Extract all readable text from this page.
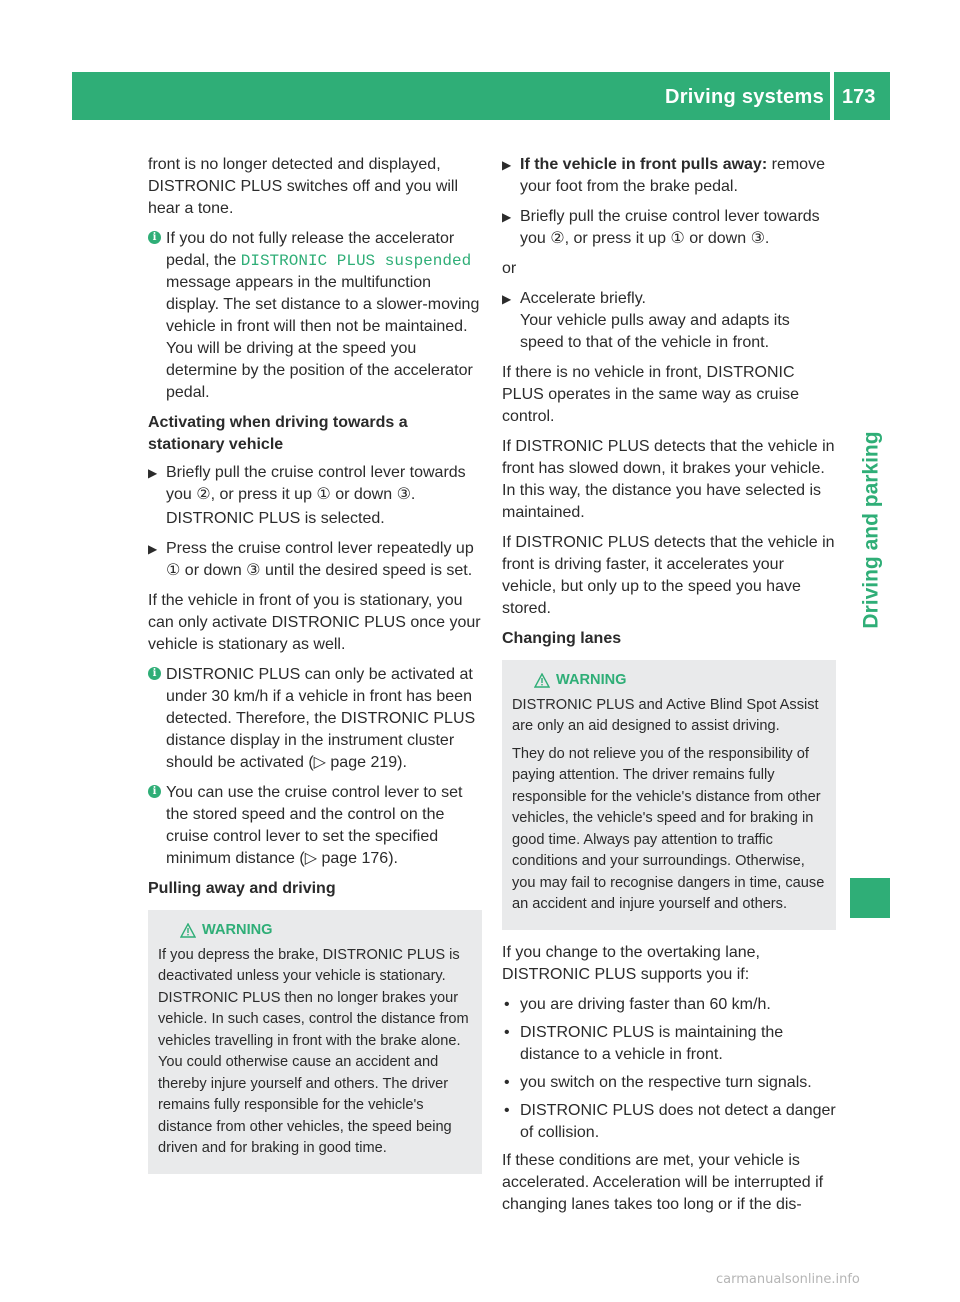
Driving systems 173
Driving and parking

front is no longer detected and displayed, DISTRONIC PLUS switches off and you will hear a tone.

i If you do not fully release the accelerator pedal, the DISTRONIC PLUS suspended message appears in the multifunction display. The set distance to a slower-moving vehicle in front will then not be maintained. You will be driving at the speed you determine by the position of the accelerator pedal.
Activating when driving towards a stationary vehicle
▶ Briefly pull the cruise control lever towards you ②, or press it up ① or down ③.
DISTRONIC PLUS is selected.
▶ Press the cruise control lever repeatedly up ① or down ③ until the desired speed is set.

If the vehicle in front of you is stationary, you can only activate DISTRONIC PLUS once your vehicle is stationary as well.

i DISTRONIC PLUS can only be activated at under 30 km/h if a vehicle in front has been detected. Therefore, the DISTRONIC PLUS distance display in the instrument cluster should be activated (▷ page 219).
i You can use the cruise control lever to set the stored speed and the control on the cruise control lever to set the specified minimum distance (▷ page 176).
Pulling away and driving
WARNING

If you depress the brake, DISTRONIC PLUS is deactivated unless your vehicle is stationary. DISTRONIC PLUS then no longer brakes your vehicle. In such cases, control the distance from vehicles travelling in front with the brake alone. You could otherwise cause an accident and thereby injure yourself and others. The driver remains fully responsible for the vehicle's distance from other vehicles, the speed being driven and for braking in good time.

▶ If the vehicle in front pulls away: remove your foot from the brake pedal.
▶ Briefly pull the cruise control lever towards you ②, or press it up ① or down ③.

or

▶ Accelerate briefly.
Your vehicle pulls away and adapts its speed to that of the vehicle in front.

If there is no vehicle in front, DISTRONIC PLUS operates in the same way as cruise control.

If DISTRONIC PLUS detects that the vehicle in front has slowed down, it brakes your vehicle. In this way, the distance you have selected is maintained.

If DISTRONIC PLUS detects that the vehicle in front is driving faster, it accelerates your vehicle, but only up to the speed you have stored.

Changing lanes
WARNING

DISTRONIC PLUS and Active Blind Spot Assist are only an aid designed to assist driving.

They do not relieve you of the responsibility of paying attention. The driver remains fully responsible for the vehicle's distance from other vehicles, the vehicle's speed and for braking in good time. Always pay attention to traffic conditions and your surroundings. Otherwise, you may fail to recognise dangers in time, cause an accident and injure yourself and others.

If you change to the overtaking lane, DISTRONIC PLUS supports you if:

• you are driving faster than 60 km/h.
• DISTRONIC PLUS is maintaining the distance to a vehicle in front.
• you switch on the respective turn signals.
• DISTRONIC PLUS does not detect a danger of collision.

If these conditions are met, your vehicle is accelerated. Acceleration will be interrupted if changing lanes takes too long or if the dis-

carmanualsonline.info
